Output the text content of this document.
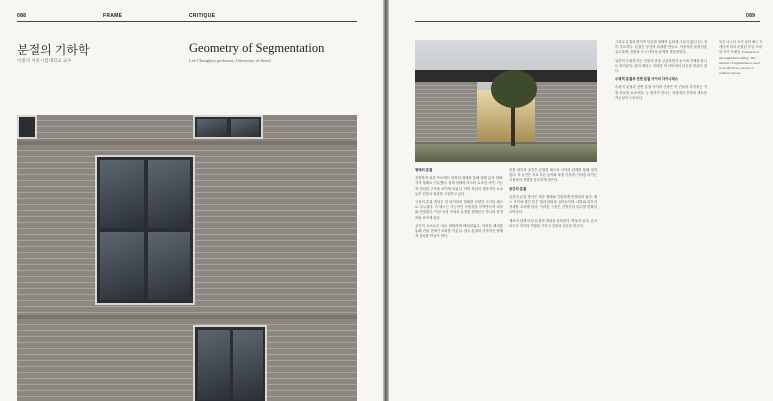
088	FRAME	CRITIQUE
분절의 기하학
이종석 서울시립대학교 교수
Geometry of Segmentation
Lee Chongkyu professor, University of Seoul
089

형태의 분절

건축학적 처음 프로젝트 건축의 형태를 통해 형태 분석 형태, 각각 형태로 구분했다. 정제 형태의 마스터 요소인 사이, 기능적 정리된 구조를 보이게 되었다. 이번 작업의 세부적인 요소들은 건물의 외관을 구성하고 있다.

구성의 분절 개념은 한 덩어리의 형태를 다양한 크기의 매스로 나누었다. 각 매스는 기능적인 독립성을 부여받으며 외부와 연결된다. 이런 과정 속에서 분절된 형태들은 하나의 풍경처럼 보이게 된다.

공간적 요소들은 서로 대화하며 배치되었고, 이러한 배치를 통해 건물 전체가 조화를 이룬다. 결국 분절의 기하학은 형태적 질서를 만들어 낸다.

건물 내부의 공간은 분절된 매스들 사이의 관계를 통해 정의된다. 각 공간은 서로 다른 높이와 폭을 가지며, 이러한 차이는 사용자의 경험을 풍부하게 만든다.

공간의 분절

공간의 분절 방식은 외부 형태와 긴밀하게 연결되어 있다. 매스 사이에 생긴 틈은 빛과 바람을 끌어들이며, 내부와 외부의 경계를 흐리게 한다. 이러한 구성은 건축가의 의도를 명확히 보여준다.

재료의 선택 또한 분절의 개념을 강조한다. 벽돌과 유리, 콘크리트가 각자의 역할을 가지고 건물의 리듬을 만든다.

그러나 분절의 방식이 단순한 형태적 유희에 그치지 않는다는 점이 중요하다. 분절은 공간의 위계를 만들고, 사용자의 움직임을 유도하며, 건물과 도시 사이의 관계를 재설정한다.

입면의 수평적 띠는 건물의 층을 구분하면서 동시에 전체를 하나로 묶어준다. 창의 배치는 이러한 띠 사이에서 리듬을 만들어 낸다.

수평적 분절과 전면 분절 사이의 다이나믹스

수평적 분절과 전면 분절 사이의 긴장은 이 건물을 특징짓는 가장 중요한 요소이다. 두 방식이 만나는 지점에서 건축의 새로운 가능성이 드러난다.

외부 마스터 조직 상단 해는 프레임에 따라 분할된 중앙 프레임 사이 프레임. Extension of the segmented ceiling. The method of segmentation, used as an effective concept of ordinary spaces.
